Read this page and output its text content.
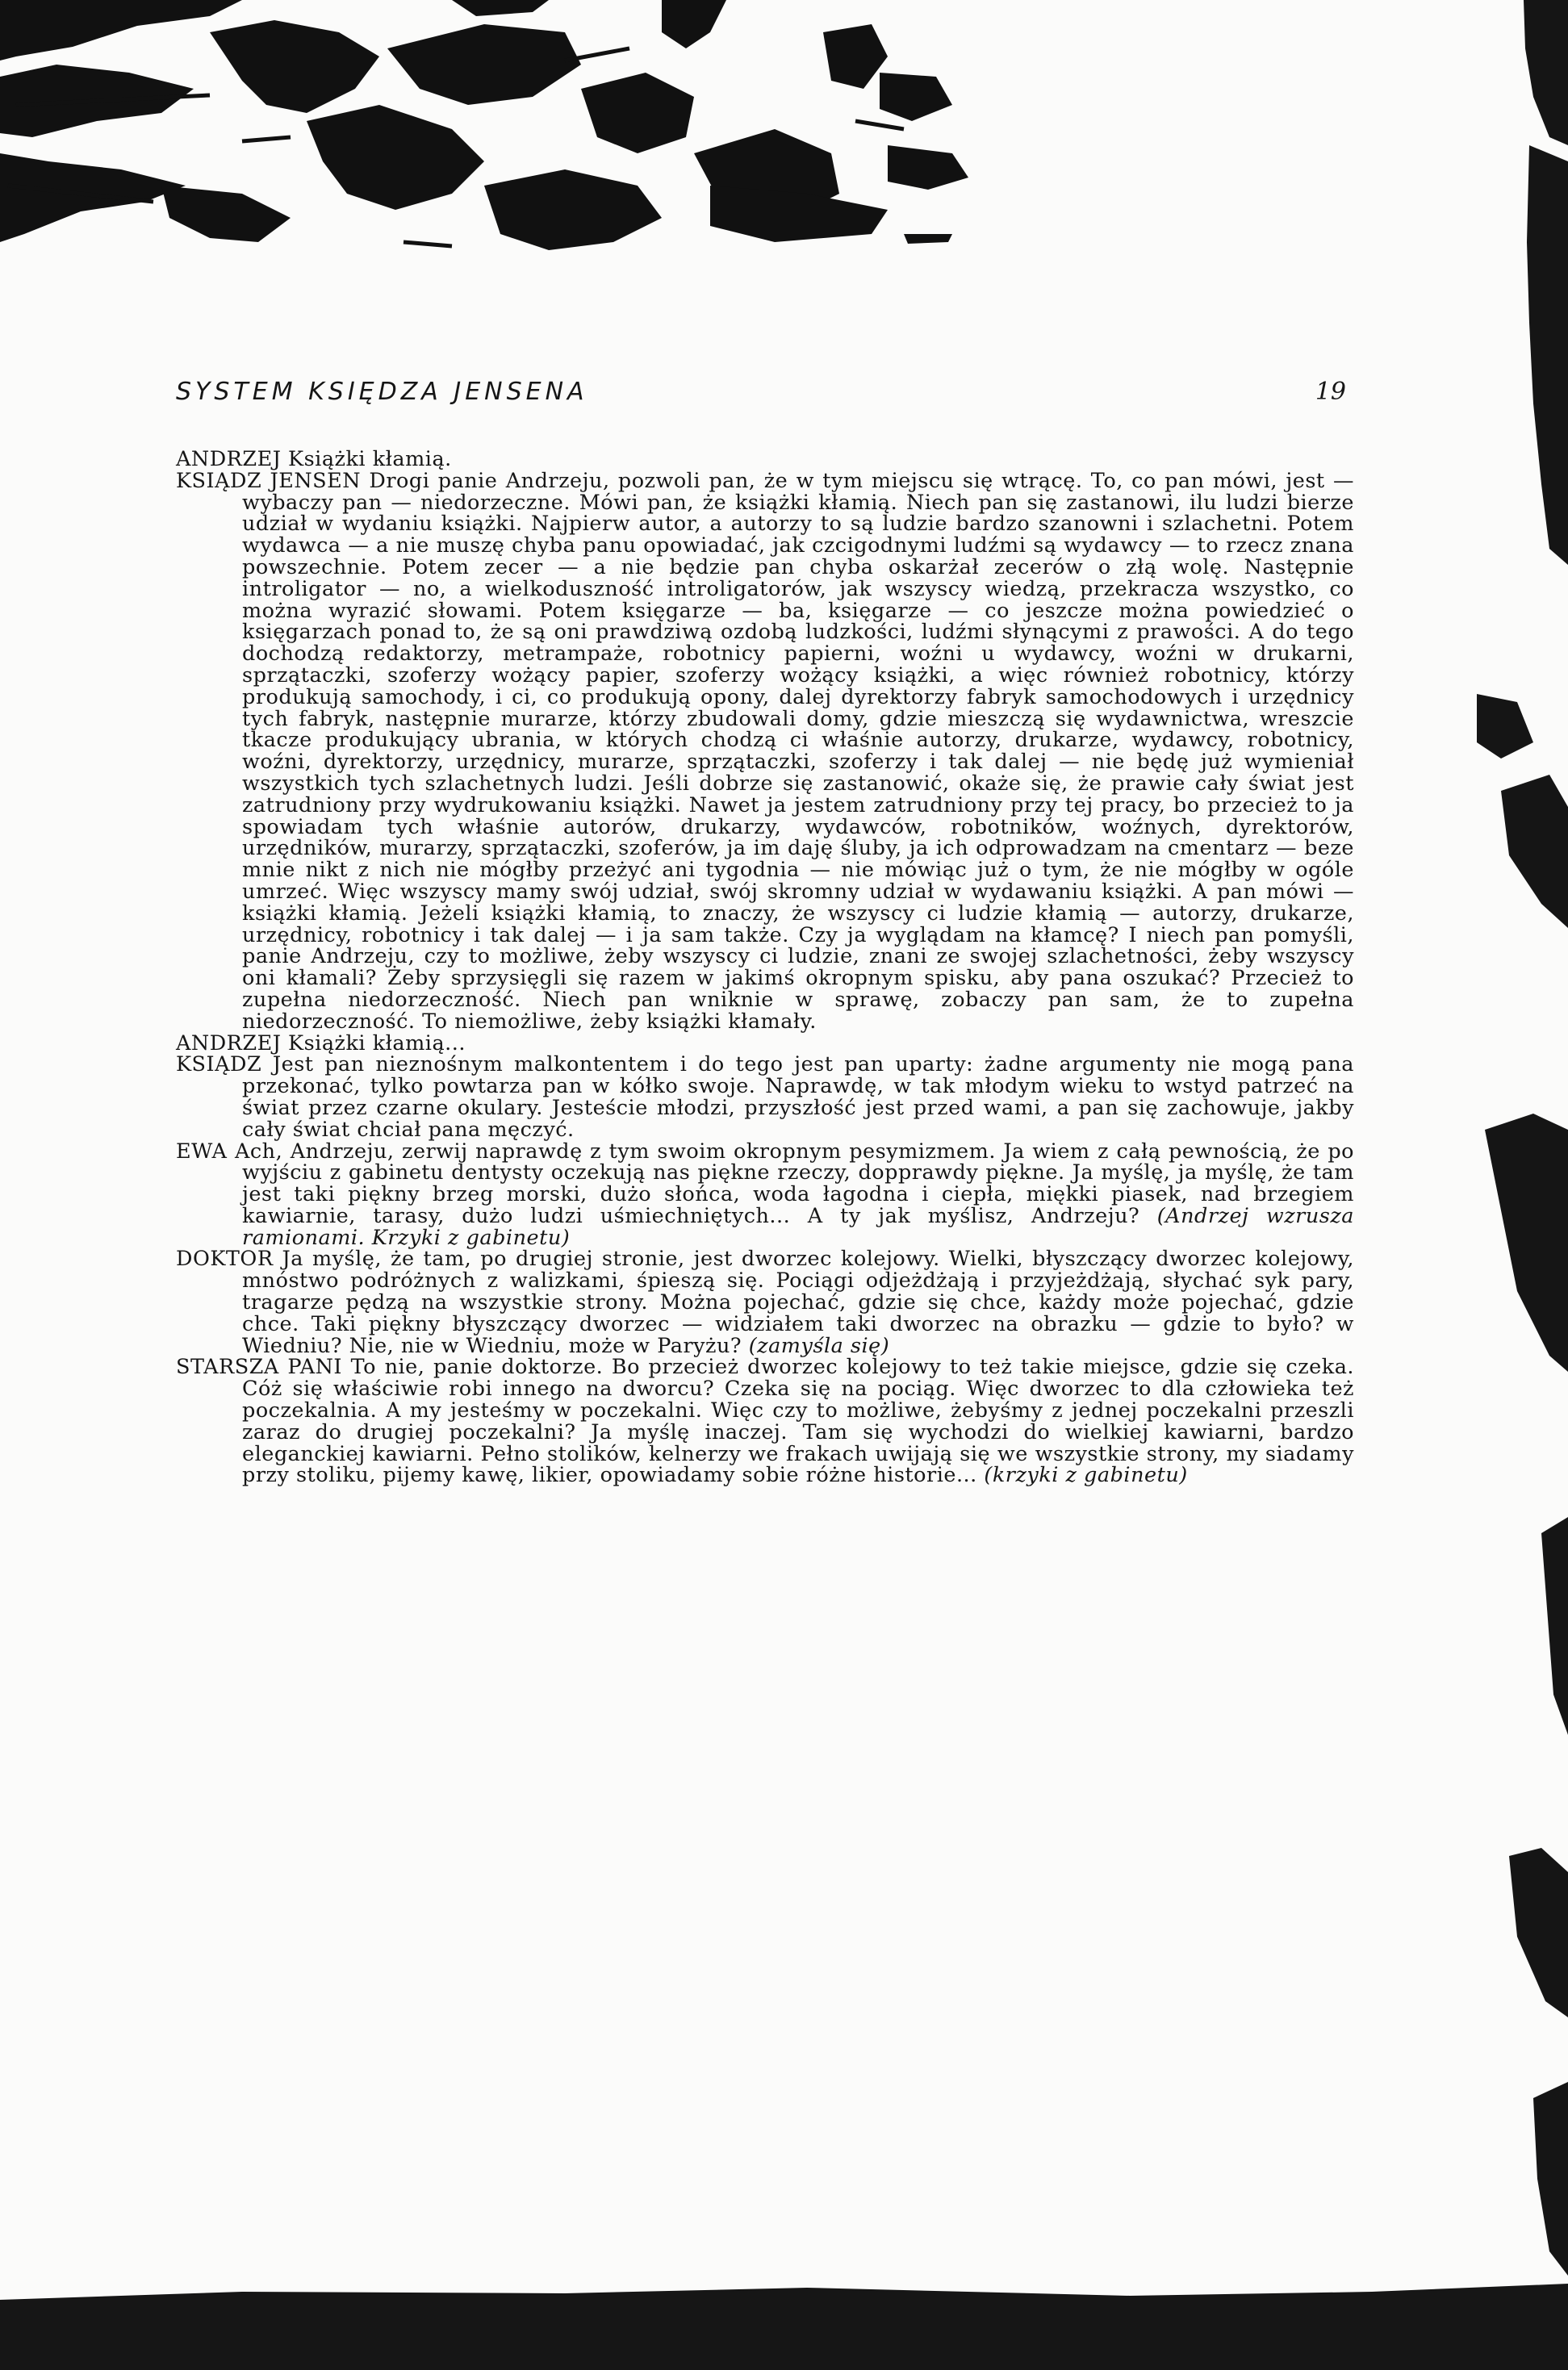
SYSTEM KSIĘDZA JENSENA	19

ANDRZEJ Książki kłamią.

KSIĄDZ JENSEN Drogi panie Andrzeju, pozwoli pan, że w tym miejscu się wtrącę. To, co pan mówi, jest — wybaczy pan — niedorzeczne. Mówi pan, że książki kłamią. Niech pan się zastanowi, ilu ludzi bierze udział w wydaniu książki. Najpierw autor, a autorzy to są ludzie bardzo szanowni i szlachetni. Potem wydawca — a nie muszę chyba panu opowiadać, jak czcigodnymi ludźmi są wydawcy — to rzecz znana powszechnie. Potem zecer — a nie będzie pan chyba oskarżał zecerów o złą wolę. Następnie introligator — no, a wielkoduszność introligatorów, jak wszyscy wiedzą, przekracza wszystko, co można wyrazić słowami. Potem księgarze — ba, księgarze — co jeszcze można powiedzieć o księgarzach ponad to, że są oni prawdziwą ozdobą ludzkości, ludźmi słynącymi z prawości. A do tego dochodzą redaktorzy, metrampaże, robotnicy papierni, woźni u wydawcy, woźni w drukarni, sprzątaczki, szoferzy wożący papier, szoferzy wożący książki, a więc również robotnicy, którzy produkują samochody, i ci, co produkują opony, dalej dyrektorzy fabryk samochodowych i urzędnicy tych fabryk, następnie murarze, którzy zbudowali domy, gdzie mieszczą się wydawnictwa, wreszcie tkacze produkujący ubrania, w których chodzą ci właśnie autorzy, drukarze, wydawcy, robotnicy, woźni, dyrektorzy, urzędnicy, murarze, sprzątaczki, szoferzy i tak dalej — nie będę już wymieniał wszystkich tych szlachetnych ludzi. Jeśli dobrze się zastanowić, okaże się, że prawie cały świat jest zatrudniony przy wydrukowaniu książki. Nawet ja jestem zatrudniony przy tej pracy, bo przecież to ja spowiadam tych właśnie autorów, drukarzy, wydawców, robotników, woźnych, dyrektorów, urzędników, murarzy, sprzątaczki, szoferów, ja im daję śluby, ja ich odprowadzam na cmentarz — beze mnie nikt z nich nie mógłby przeżyć ani tygodnia — nie mówiąc już o tym, że nie mógłby w ogóle umrzeć. Więc wszyscy mamy swój udział, swój skromny udział w wydawaniu książki. A pan mówi — książki kłamią. Jeżeli książki kłamią, to znaczy, że wszyscy ci ludzie kłamią — autorzy, drukarze, urzędnicy, robotnicy i tak dalej — i ja sam także. Czy ja wyglądam na kłamcę? I niech pan pomyśli, panie Andrzeju, czy to możliwe, żeby wszyscy ci ludzie, znani ze swojej szlachetności, żeby wszyscy oni kłamali? Żeby sprzysięgli się razem w jakimś okropnym spisku, aby pana oszukać? Przecież to zupełna niedorzeczność. Niech pan wniknie w sprawę, zobaczy pan sam, że to zupełna niedorzeczność. To niemożliwe, żeby książki kłamały.

ANDRZEJ Książki kłamią...

KSIĄDZ Jest pan nieznośnym malkontentem i do tego jest pan uparty: żadne argumenty nie mogą pana przekonać, tylko powtarza pan w kółko swoje. Naprawdę, w tak młodym wieku to wstyd patrzeć na świat przez czarne okulary. Jesteście młodzi, przyszłość jest przed wami, a pan się zachowuje, jakby cały świat chciał pana męczyć.

EWA Ach, Andrzeju, zerwij naprawdę z tym swoim okropnym pesymizmem. Ja wiem z całą pewnością, że po wyjściu z gabinetu dentysty oczekują nas piękne rzeczy, dopprawdy piękne. Ja myślę, ja myślę, że tam jest taki piękny brzeg morski, dużo słońca, woda łagodna i ciepła, miękki piasek, nad brzegiem kawiarnie, tarasy, dużo ludzi uśmiechniętych... A ty jak myślisz, Andrzeju? (Andrzej wzrusza ramionami. Krzyki z gabinetu)

DOKTOR Ja myślę, że tam, po drugiej stronie, jest dworzec kolejowy. Wielki, błyszczący dworzec kolejowy, mnóstwo podróżnych z walizkami, śpieszą się. Pociągi odjeżdżają i przyjeżdżają, słychać syk pary, tragarze pędzą na wszystkie strony. Można pojechać, gdzie się chce, każdy może pojechać, gdzie chce. Taki piękny błyszczący dworzec — widziałem taki dworzec na obrazku — gdzie to było? w Wiedniu? Nie, nie w Wiedniu, może w Paryżu? (zamyśla się)

STARSZA PANI To nie, panie doktorze. Bo przecież dworzec kolejowy to też takie miejsce, gdzie się czeka. Cóż się właściwie robi innego na dworcu? Czeka się na pociąg. Więc dworzec to dla człowieka też poczekalnia. A my jesteśmy w poczekalni. Więc czy to możliwe, żebyśmy z jednej poczekalni przeszli zaraz do drugiej poczekalni? Ja myślę inaczej. Tam się wychodzi do wielkiej kawiarni, bardzo eleganckiej kawiarni. Pełno stolików, kelnerzy we frakach uwijają się we wszystkie strony, my siadamy przy stoliku, pijemy kawę, likier, opowiadamy sobie różne historie... (krzyki z gabinetu)
